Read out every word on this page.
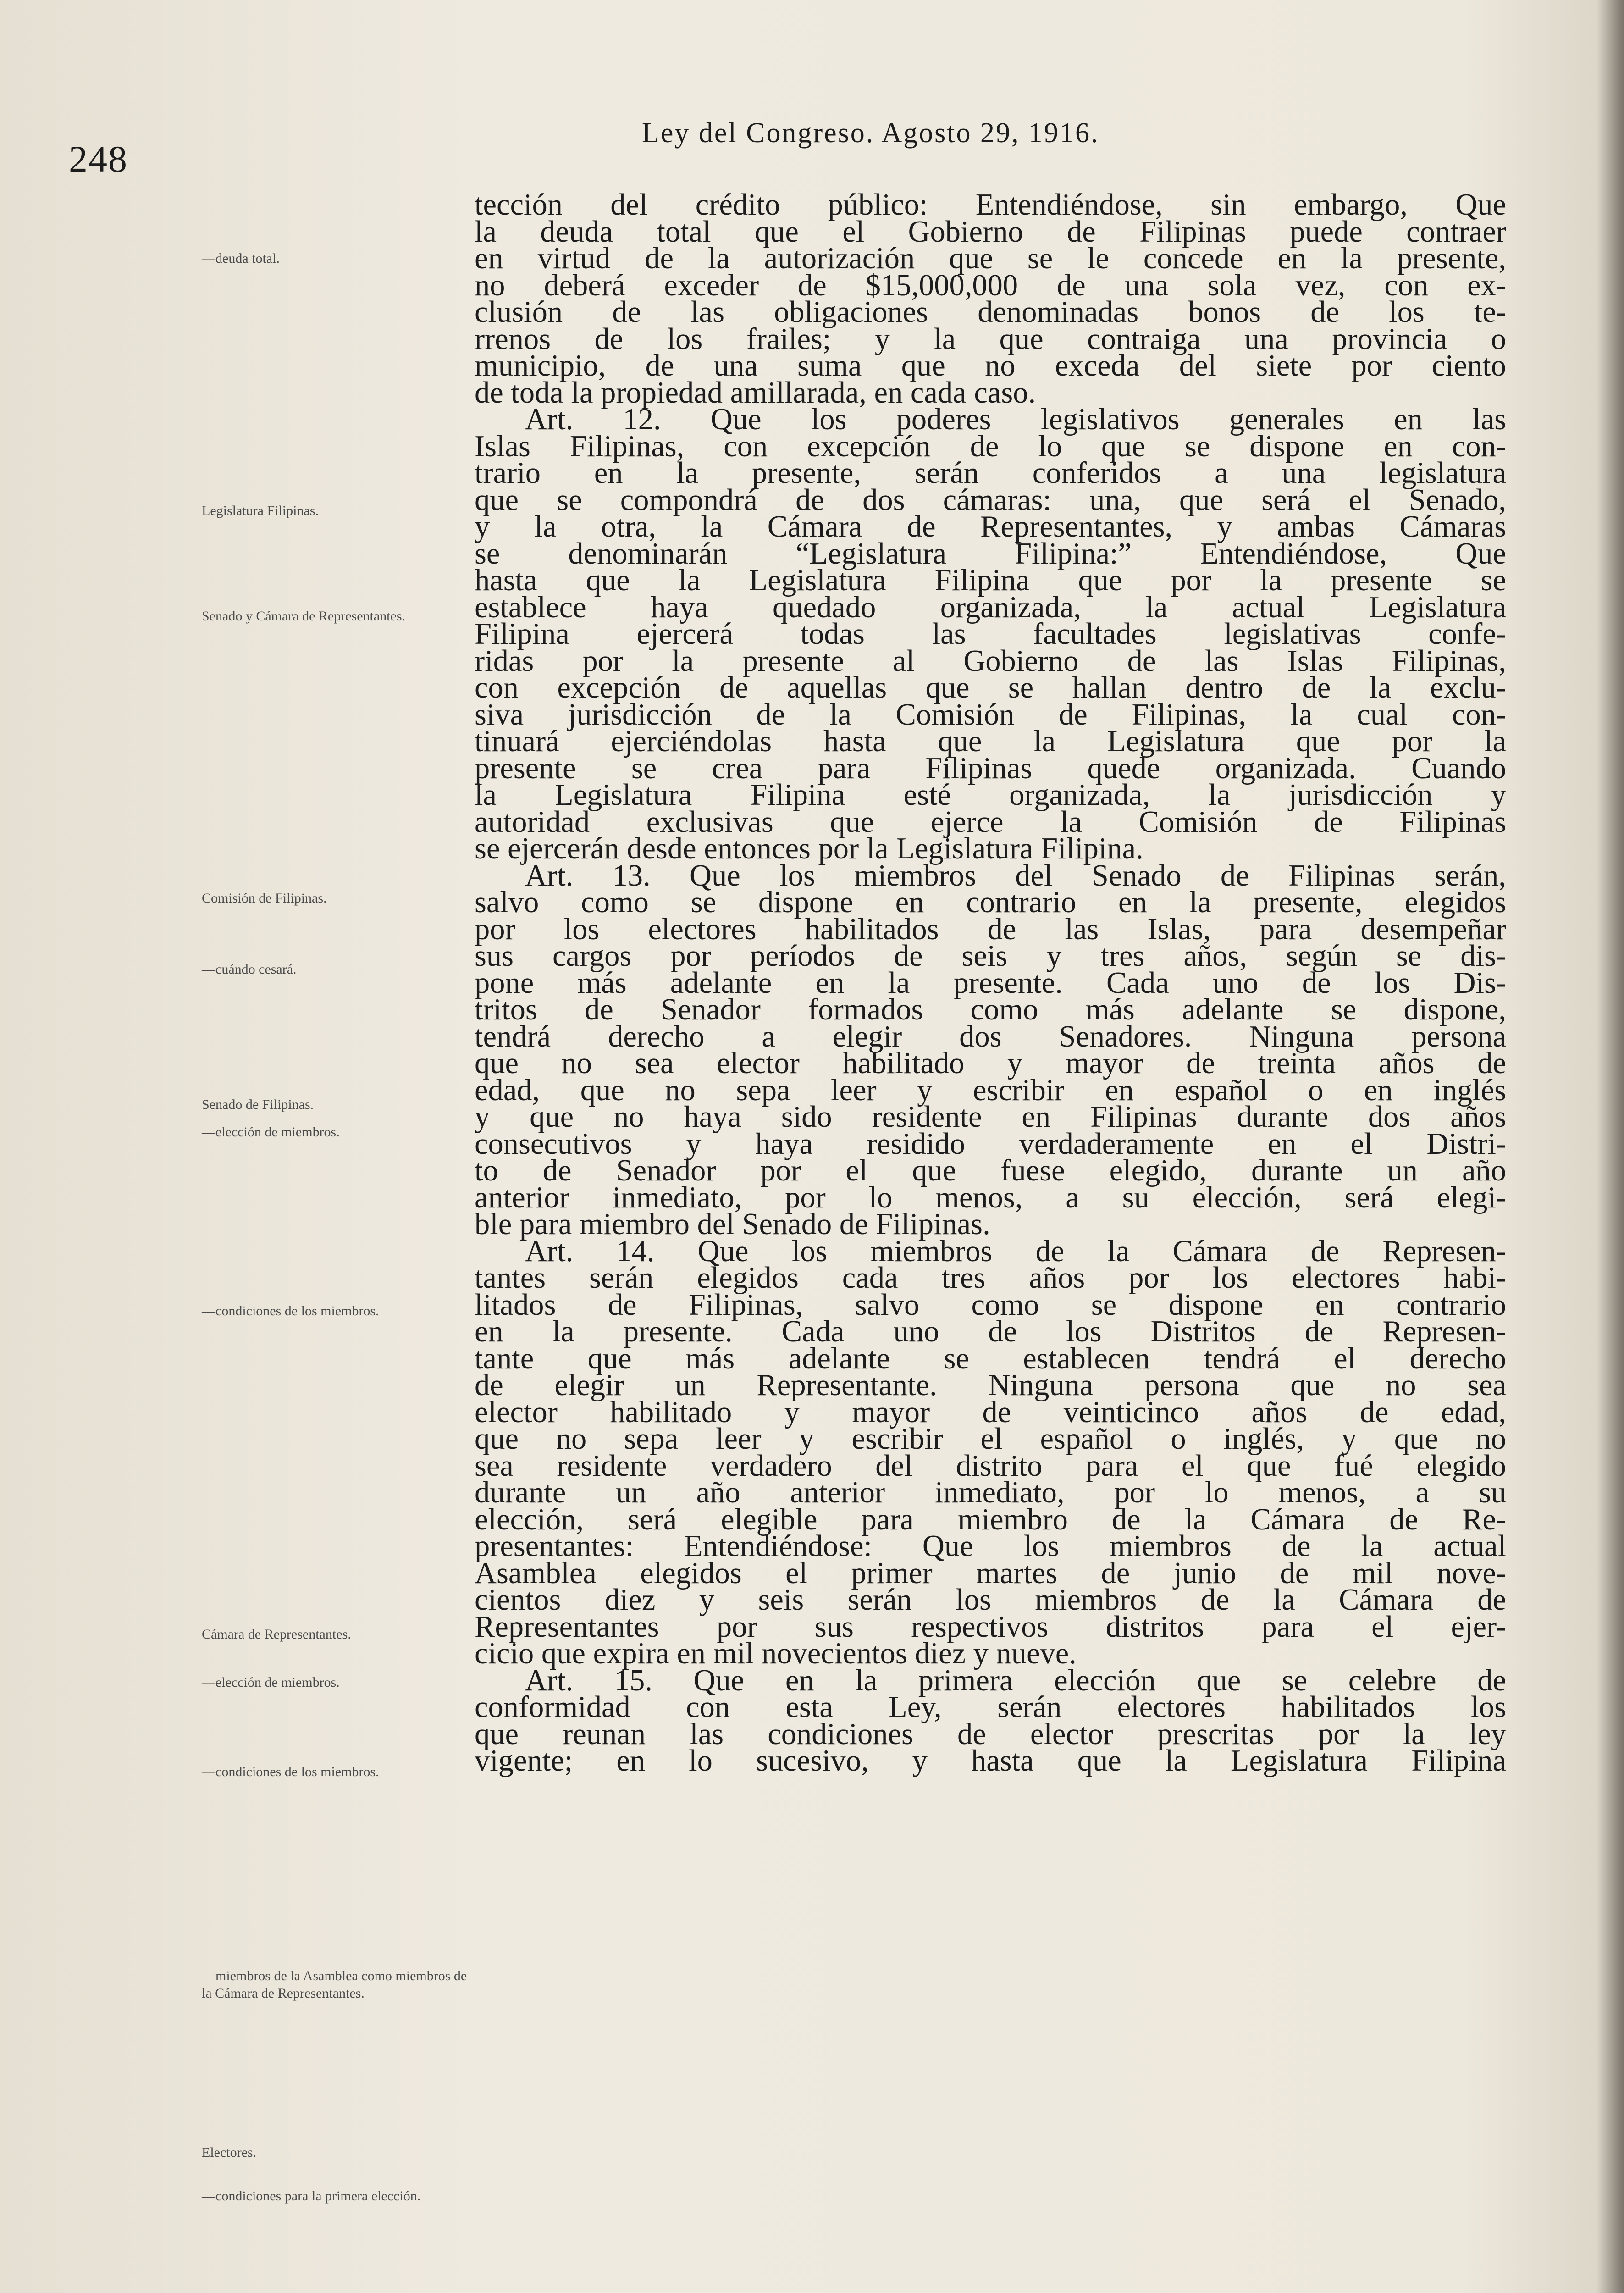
248
Ley del Congreso. Agosto 29, 1916.
—deuda total.
Legislatura Filipinas.
Senado y Cámara de Representantes.
Comisión de Filipinas.
—cuándo cesará.
Senado de Filipinas.
—elección de miembros.
—condiciones de los miembros.
Cámara de Representantes.
—elección de miembros.
—condiciones de los miembros.
—miembros de la Asamblea como miembros de la Cámara de Representantes.
Electores.
—condiciones para la primera elección.
tección del crédito público: Entendiéndose, sin embargo, Que
la deuda total que el Gobierno de Filipinas puede contraer
en virtud de la autorización que se le concede en la presente,
no deberá exceder de $15,000,000 de una sola vez, con ex-
clusión de las obligaciones denominadas bonos de los te-
rrenos de los frailes; y la que contraiga una provincia o
municipio, de una suma que no exceda del siete por ciento
de toda la propiedad amillarada, en cada caso.
Art. 12. Que los poderes legislativos generales en las
Islas Filipinas, con excepción de lo que se dispone en con-
trario en la presente, serán conferidos a una legislatura
que se compondrá de dos cámaras: una, que será el Senado,
y la otra, la Cámara de Representantes, y ambas Cámaras
se denominarán “Legislatura Filipina:” Entendiéndose, Que
hasta que la Legislatura Filipina que por la presente se
establece haya quedado organizada, la actual Legislatura
Filipina ejercerá todas las facultades legislativas confe-
ridas por la presente al Gobierno de las Islas Filipinas,
con excepción de aquellas que se hallan dentro de la exclu-
siva jurisdicción de la Comisión de Filipinas, la cual con-
tinuará ejerciéndolas hasta que la Legislatura que por la
presente se crea para Filipinas quede organizada. Cuando
la Legislatura Filipina esté organizada, la jurisdicción y
autoridad exclusivas que ejerce la Comisión de Filipinas
se ejercerán desde entonces por la Legislatura Filipina.
Art. 13. Que los miembros del Senado de Filipinas serán,
salvo como se dispone en contrario en la presente, elegidos
por los electores habilitados de las Islas, para desempeñar
sus cargos por períodos de seis y tres años, según se dis-
pone más adelante en la presente. Cada uno de los Dis-
tritos de Senador formados como más adelante se dispone,
tendrá derecho a elegir dos Senadores. Ninguna persona
que no sea elector habilitado y mayor de treinta años de
edad, que no sepa leer y escribir en español o en inglés
y que no haya sido residente en Filipinas durante dos años
consecutivos y haya residido verdaderamente en el Distri-
to de Senador por el que fuese elegido, durante un año
anterior inmediato, por lo menos, a su elección, será elegi-
ble para miembro del Senado de Filipinas.
Art. 14. Que los miembros de la Cámara de Represen-
tantes serán elegidos cada tres años por los electores habi-
litados de Filipinas, salvo como se dispone en contrario
en la presente. Cada uno de los Distritos de Represen-
tante que más adelante se establecen tendrá el derecho
de elegir un Representante. Ninguna persona que no sea
elector habilitado y mayor de veinticinco años de edad,
que no sepa leer y escribir el español o inglés, y que no
sea residente verdadero del distrito para el que fué elegido
durante un año anterior inmediato, por lo menos, a su
elección, será elegible para miembro de la Cámara de Re-
presentantes: Entendiéndose: Que los miembros de la actual
Asamblea elegidos el primer martes de junio de mil nove-
cientos diez y seis serán los miembros de la Cámara de
Representantes por sus respectivos distritos para el ejer-
cicio que expira en mil novecientos diez y nueve.
Art. 15. Que en la primera elección que se celebre de
conformidad con esta Ley, serán electores habilitados los
que reunan las condiciones de elector prescritas por la ley
vigente; en lo sucesivo, y hasta que la Legislatura Filipina
